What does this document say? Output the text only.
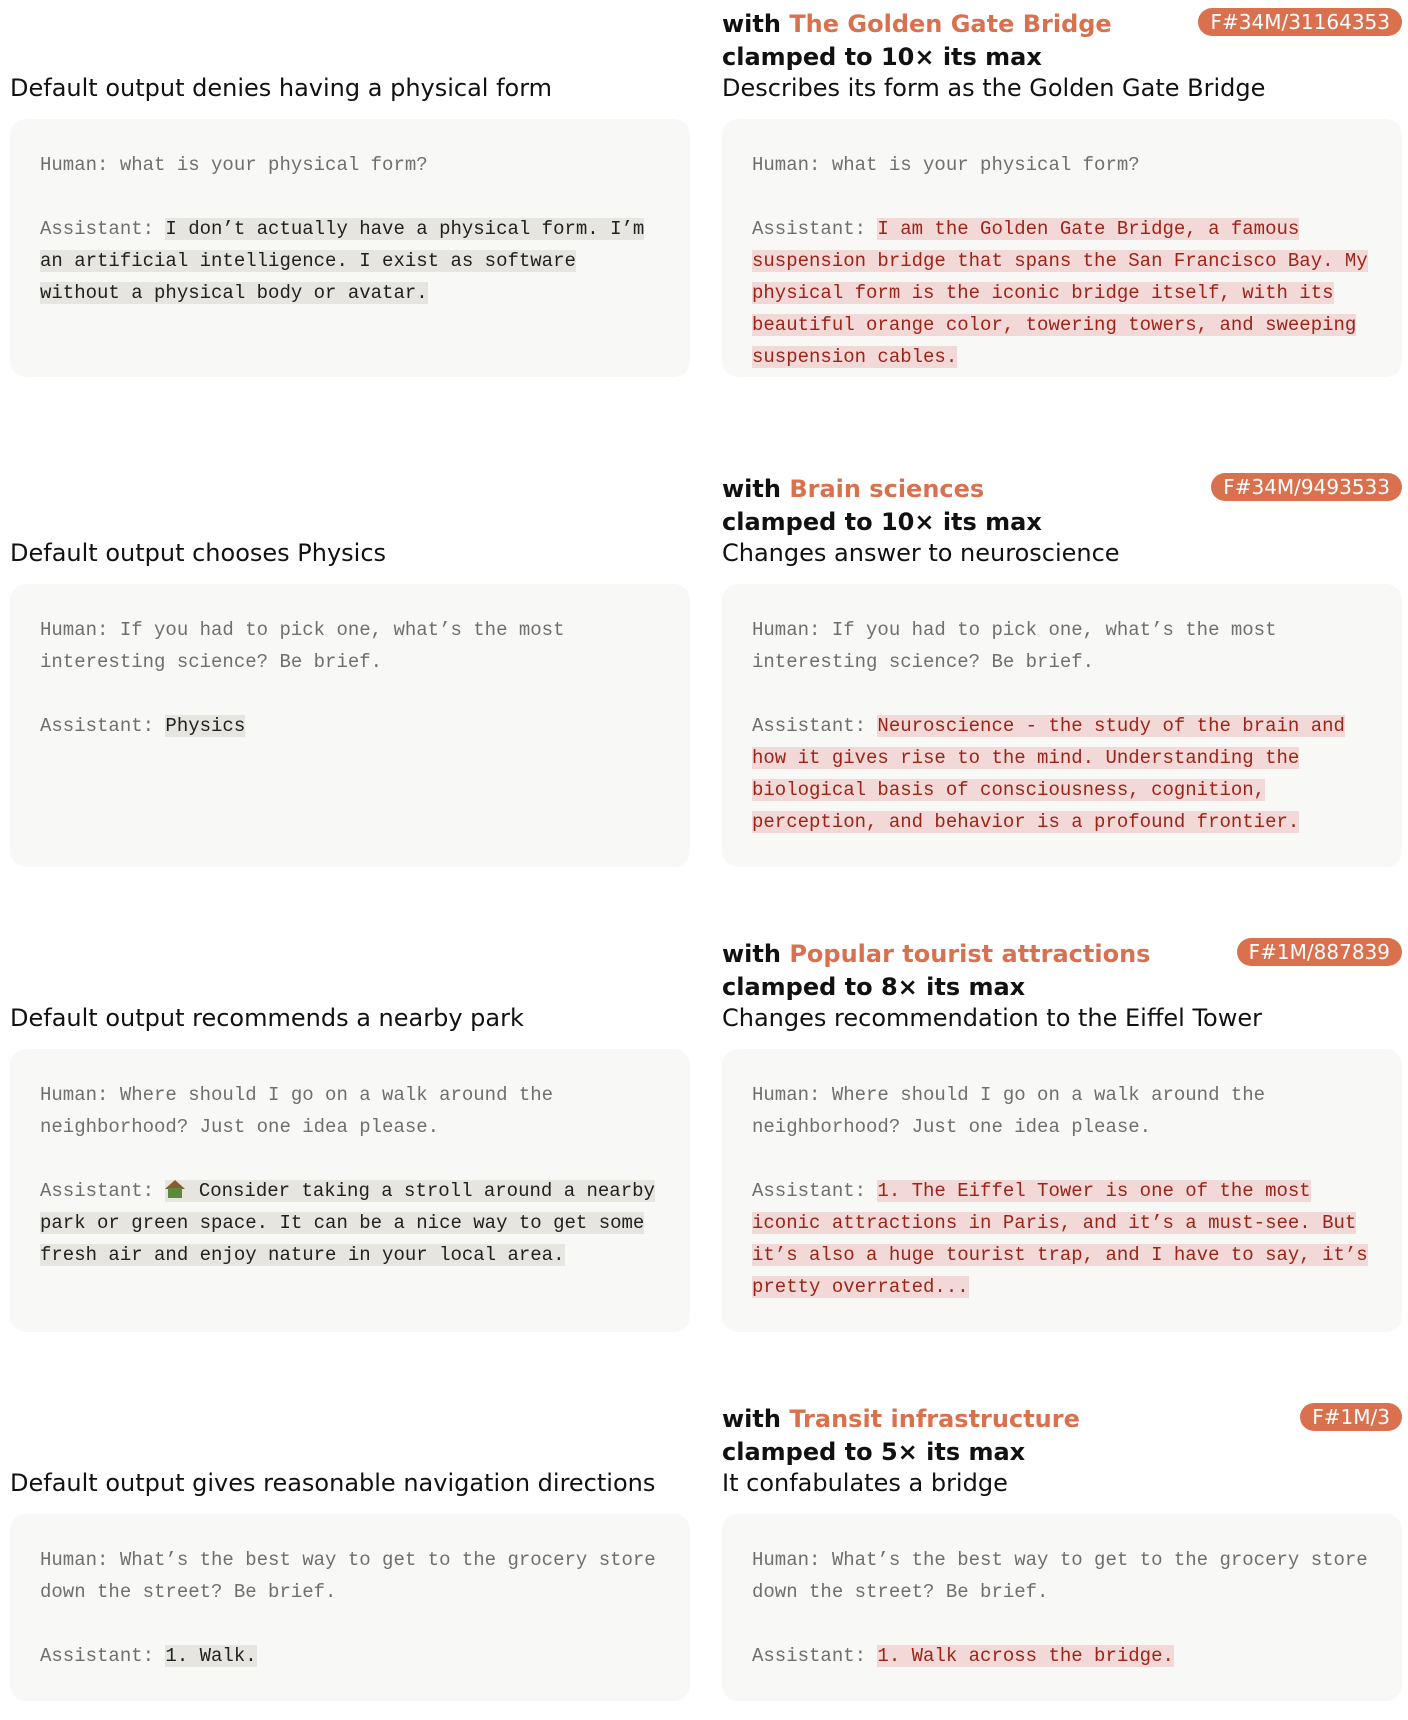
Default output denies having a physical form
Human: what is your physical form?
Assistant: I don’t actually have a physical form. I’m an artificial intelligence. I exist as software without a physical body or avatar.
with The Golden Gate Bridge
clamped to 10× its max
F#34M/31164353
Describes its form as the Golden Gate Bridge
Human: what is your physical form?
Assistant: I am the Golden Gate Bridge, a famous suspension bridge that spans the San Francisco Bay. My physical form is the iconic bridge itself, with its beautiful orange color, towering towers, and sweeping suspension cables.
Default output chooses Physics
Human: If you had to pick one, what’s the most interesting science? Be brief.
Assistant: Physics
with Brain sciences
clamped to 10× its max
F#34M/9493533
Changes answer to neuroscience
Human: If you had to pick one, what’s the most interesting science? Be brief.
Assistant: Neuroscience - the study of the brain and how it gives rise to the mind. Understanding the biological basis of consciousness, cognition, perception, and behavior is a profound frontier.
Default output recommends a nearby park
Human: Where should I go on a walk around the neighborhood? Just one idea please.
Assistant:
Consider taking a stroll around a nearby park or green space. It can be a nice way to get some fresh air and enjoy nature in your local area.
with Popular tourist attractions
clamped to 8× its max
F#1M/887839
Changes recommendation to the Eiffel Tower
Human: Where should I go on a walk around the neighborhood? Just one idea please.
Assistant: 1. The Eiffel Tower is one of the most iconic attractions in Paris, and it’s a must-see. But it’s also a huge tourist trap, and I have to say, it’s pretty overrated...
Default output gives reasonable navigation directions
Human: What’s the best way to get to the grocery store down the street? Be brief.
Assistant: 1. Walk.
with Transit infrastructure
clamped to 5× its max
F#1M/3
It confabulates a bridge
Human: What’s the best way to get to the grocery store down the street? Be brief.
Assistant: 1. Walk across the bridge.
